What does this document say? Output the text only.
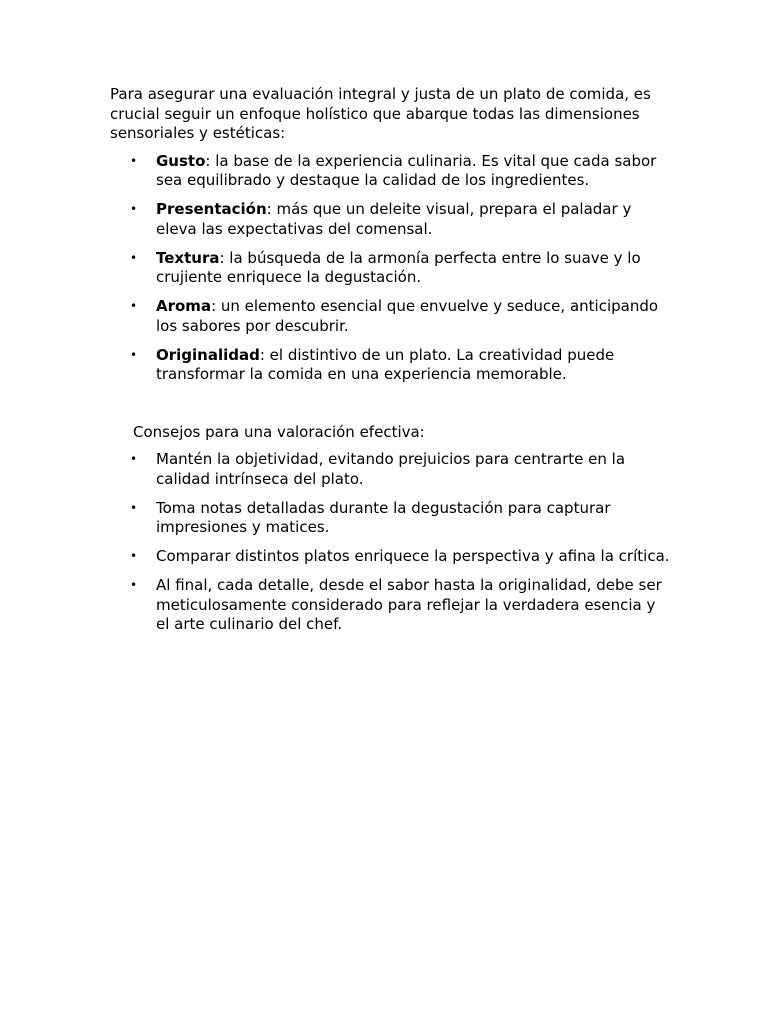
Para asegurar una evaluación integral y justa de un plato de comida, es crucial seguir un enfoque holístico que abarque todas las dimensiones sensoriales y estéticas:

• Gusto: la base de la experiencia culinaria. Es vital que cada sabor sea equilibrado y destaque la calidad de los ingredientes.
• Presentación: más que un deleite visual, prepara el paladar y eleva las expectativas del comensal.
• Textura: la búsqueda de la armonía perfecta entre lo suave y lo crujiente enriquece la degustación.
• Aroma: un elemento esencial que envuelve y seduce, anticipando los sabores por descubrir.
• Originalidad: el distintivo de un plato. La creatividad puede transformar la comida en una experiencia memorable.

Consejos para una valoración efectiva:

• Mantén la objetividad, evitando prejuicios para centrarte en la calidad intrínseca del plato.
• Toma notas detalladas durante la degustación para capturar impresiones y matices.
• Comparar distintos platos enriquece la perspectiva y afina la crítica.
• Al final, cada detalle, desde el sabor hasta la originalidad, debe ser meticulosamente considerado para reflejar la verdadera esencia y el arte culinario del chef.
